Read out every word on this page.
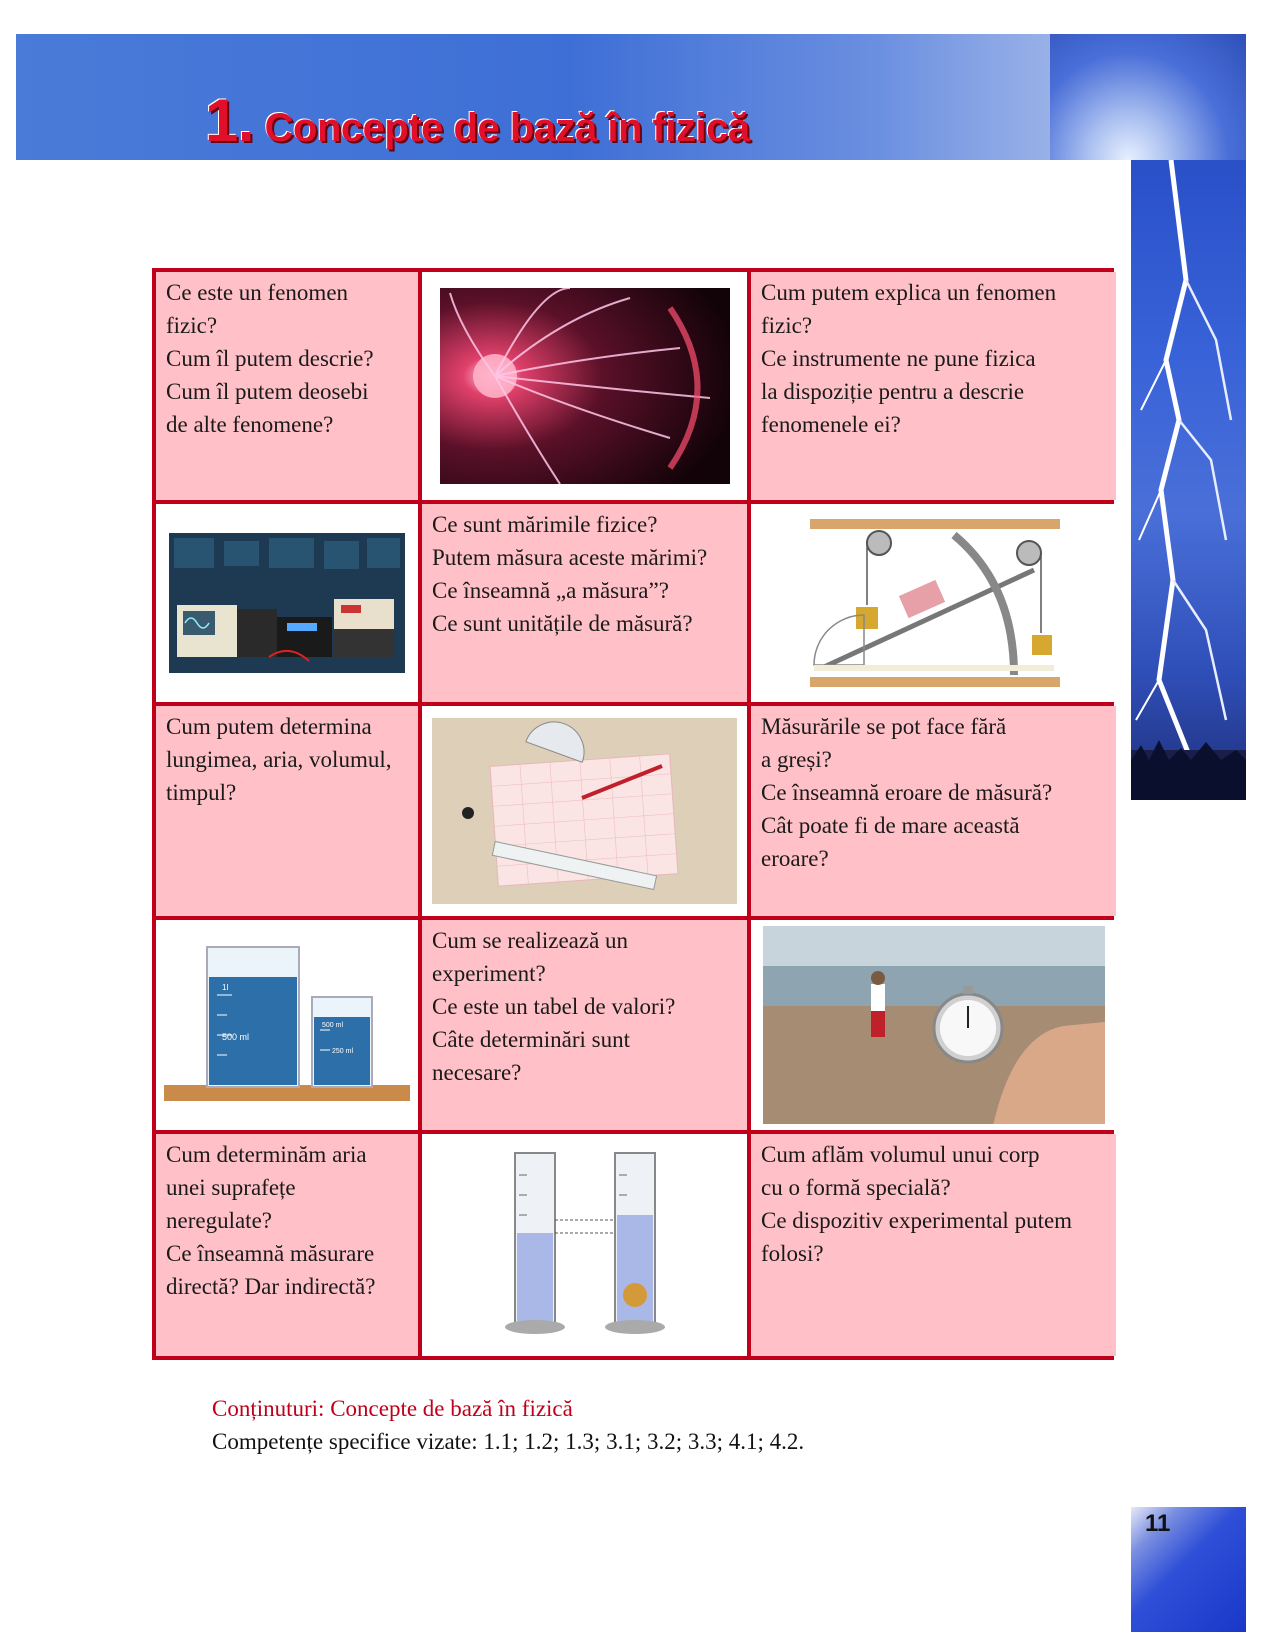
1. Concepte de bază în fizică
Ce este un fenomen
fizic?
Cum îl putem descrie?
Cum îl putem deosebi
de alte fenomene?
Cum putem explica un fenomen
fizic?
Ce instrumente ne pune fizica
la dispoziție pentru a descrie
fenomenele ei?
Ce sunt mărimile fizice?
Putem măsura aceste mărimi?
Ce înseamnă „a măsura”?
Ce sunt unitățile de măsură?
Cum putem determina
lungimea, aria, volumul,
timpul?
Măsurările se pot face fără
a greși?
Ce înseamnă eroare de măsură?
Cât poate fi de mare această
eroare?
1l
500 ml
500 ml
250 ml
Cum se realizează un
experiment?
Ce este un tabel de valori?
Câte determinări sunt
necesare?
Cum determinăm aria
unei suprafețe
neregulate?
Ce înseamnă măsurare
directă? Dar indirectă?
Cum aflăm volumul unui corp
cu o formă specială?
Ce dispozitiv experimental putem
folosi?
Conținuturi: Concepte de bază în fizică
Competențe specifice vizate: 1.1; 1.2; 1.3; 3.1; 3.2; 3.3; 4.1; 4.2.
11
